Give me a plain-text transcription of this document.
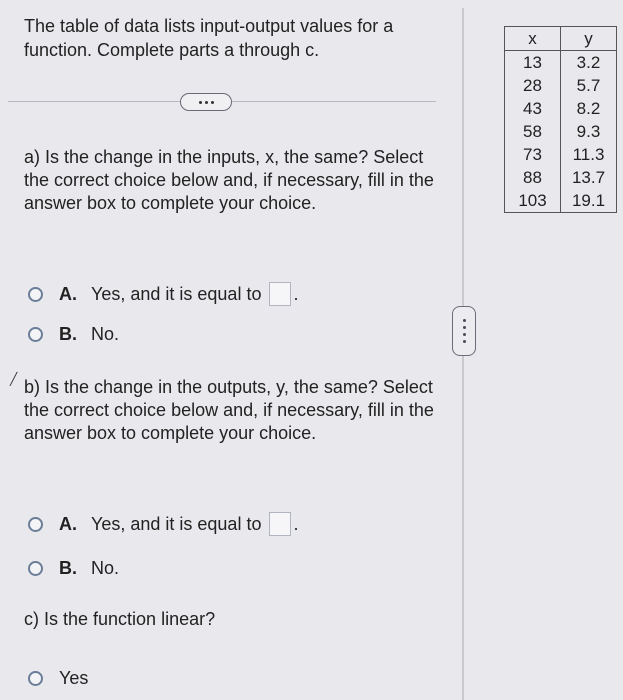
The table of data lists input-output values for a function. Complete parts a through c.
a) Is the change in the inputs, x, the same? Select the correct choice below and, if necessary, fill in the answer box to complete your choice.
A. Yes, and it is equal to .
B. No.
╱ b) Is the change in the outputs, y, the same? Select the correct choice below and, if necessary, fill in the answer box to complete your choice.
A. Yes, and it is equal to .
B. No.
c) Is the function linear?
Yes
x	y
13	3.2
28	5.7
43	8.2
58	9.3
73	11.3
88	13.7
103	19.1
